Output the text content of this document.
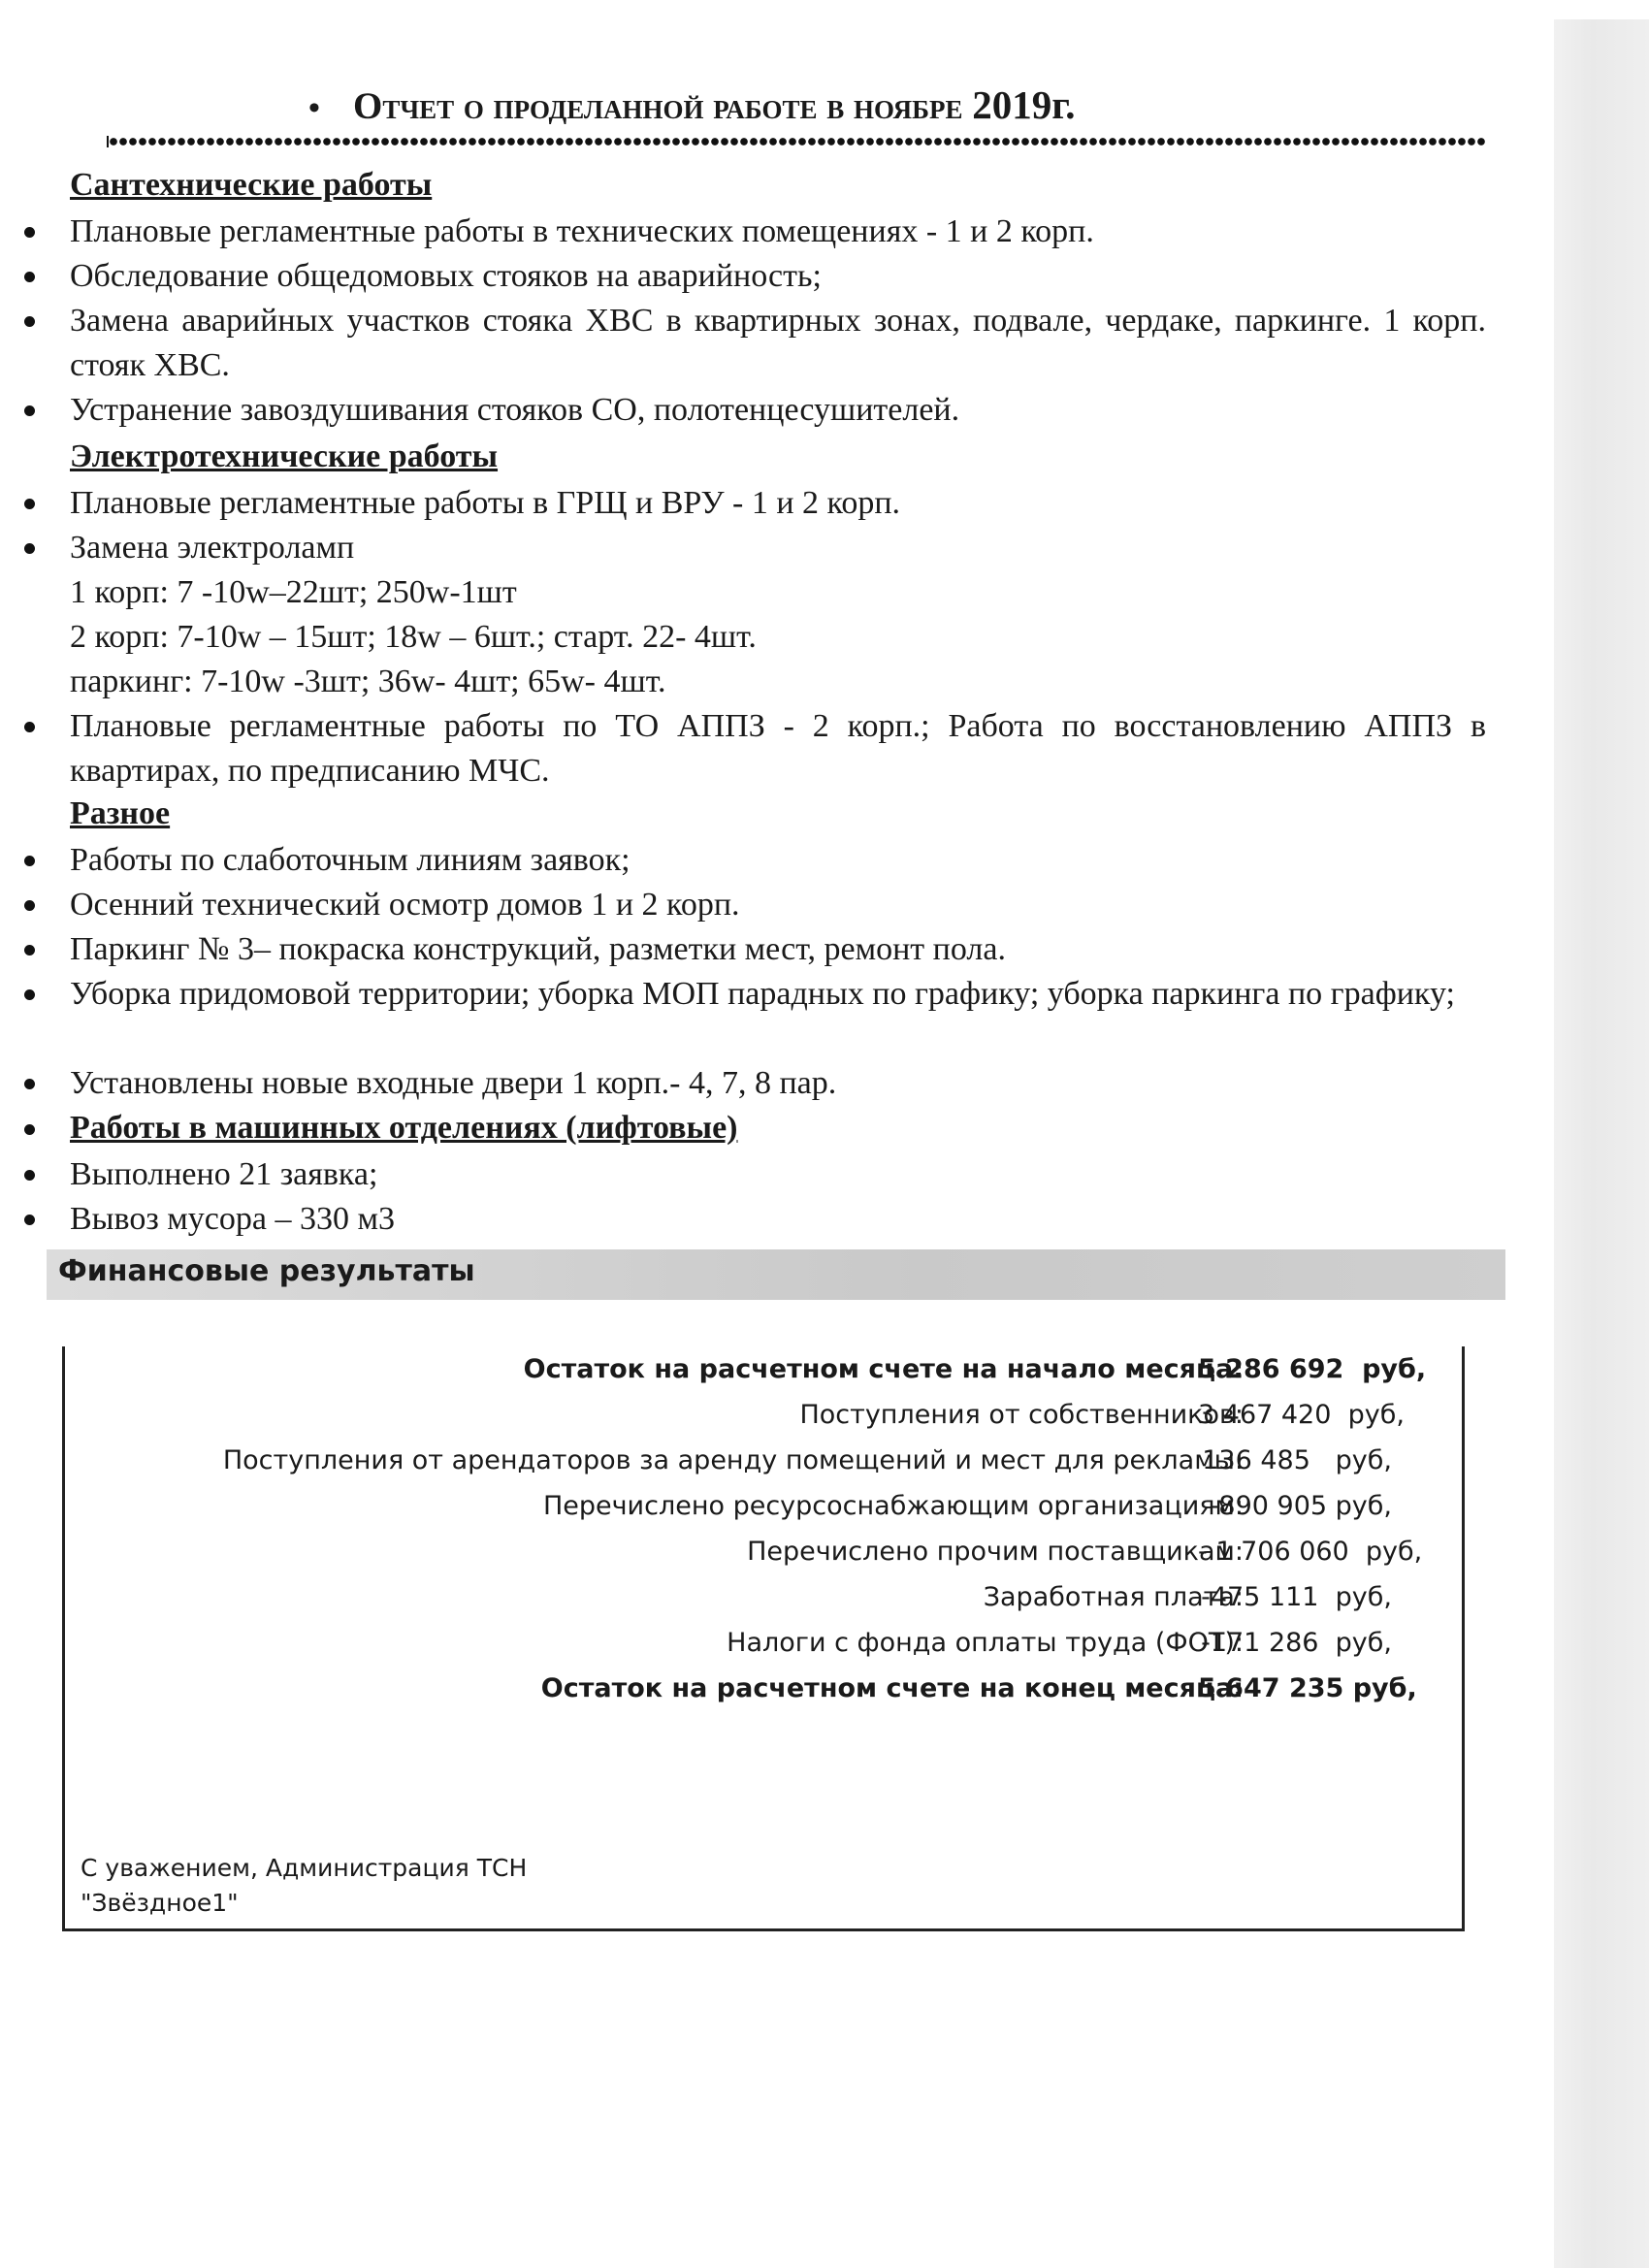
• Отчет о проделанной работе в ноябре 2019г.
Сантехнические работы
Плановые регламентные работы в технических помещениях - 1 и 2 корп.
Обследование общедомовых стояков на аварийность;
Замена аварийных участков стояка ХВС в квартирных зонах, подвале, чердаке, паркинге. 1 корп. стояк ХВС.
Устранение завоздушивания стояков СО, полотенцесушителей.
Электротехнические работы
Плановые регламентные работы в ГРЩ и ВРУ - 1 и 2 корп.
Замена электроламп
1 корп: 7 -10w–22шт; 250w-1шт
2 корп: 7-10w – 15шт; 18w – 6шт.; старт. 22- 4шт.
паркинг: 7-10w -3шт; 36w- 4шт; 65w- 4шт.
Плановые регламентные работы по ТО АППЗ - 2 корп.; Работа по восстановлению АППЗ в квартирах, по предписанию МЧС.
Разное
Работы по слаботочным линиям заявок;
Осенний технический осмотр домов 1 и 2 корп.
Паркинг № 3– покраска конструкций, разметки мест, ремонт пола.
Уборка придомовой территории; уборка МОП парадных по графику; уборка паркинга по графику;
Установлены новые входные двери 1 корп.- 4, 7, 8 пар.
Работы в машинных отделениях (лифтовые)
Выполнено 21 заявка;
Вывоз мусора – 330 м3
Финансовые результаты
Остаток на расчетном счете на начало месяца:
5 286 692  руб,
Поступления от собственников:
3 467 420  руб,
Поступления от арендаторов за аренду помещений и мест для рекламы:
136 485   руб,
Перечислено ресурсоснабжающим организациям:
-890 905 руб,
Перечислено прочим поставщикам:
- 1 706 060  руб,
Заработная плата:
-475 111  руб,
Налоги с фонда оплаты труда (ФОТ):
-171 286  руб,
Остаток на расчетном счете на конец месяца:
5 647 235 руб,
С уважением, Администрация ТСН
"Звёздное1"
